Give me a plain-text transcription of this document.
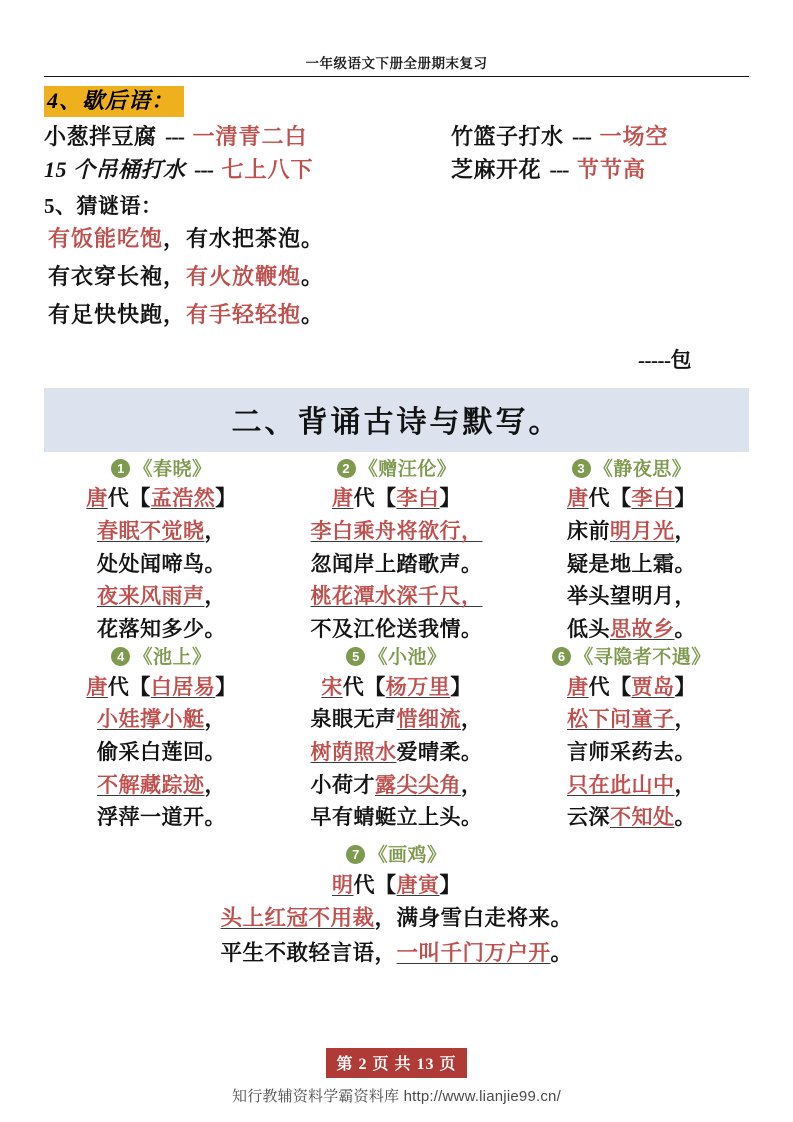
一年级语文下册全册期末复习
4、歇后语：
小葱拌豆腐 --- 一清青二白	竹篮子打水 --- 一场空
15 个吊桶打水 --- 七上八下	芝麻开花 --- 节节高
5、猜谜语：
有饭能吃饱，有水把茶泡。
有衣穿长袍，有火放鞭炮。
有足快快跑，有手轻轻抱。
-----包
二、背诵古诗与默写。
1 《春晓》
唐代【孟浩然】
春眠不觉晓，
处处闻啼鸟。
夜来风雨声，
花落知多少。
2 《赠汪伦》
唐代【李白】
李白乘舟将欲行，
忽闻岸上踏歌声。
桃花潭水深千尺，
不及江伦送我情。
3 《静夜思》
唐代【李白】
床前明月光，
疑是地上霜。
举头望明月，
低头思故乡。
4 《池上》
唐代【白居易】
小娃撑小艇，
偷采白莲回。
不解藏踪迹，
浮萍一道开。
5 《小池》
宋代【杨万里】
泉眼无声惜细流，
树荫照水爱晴柔。
小荷才露尖尖角，
早有蜻蜓立上头。
6 《寻隐者不遇》
唐代【贾岛】
松下问童子，
言师采药去。
只在此山中，
云深不知处。
7 《画鸡》
明代【唐寅】
头上红冠不用裁，满身雪白走将来。
平生不敢轻言语，一叫千门万户开。
第 2 页 共 13 页
知行教辅资料学霸资料库 http://www.lianjie99.cn/
